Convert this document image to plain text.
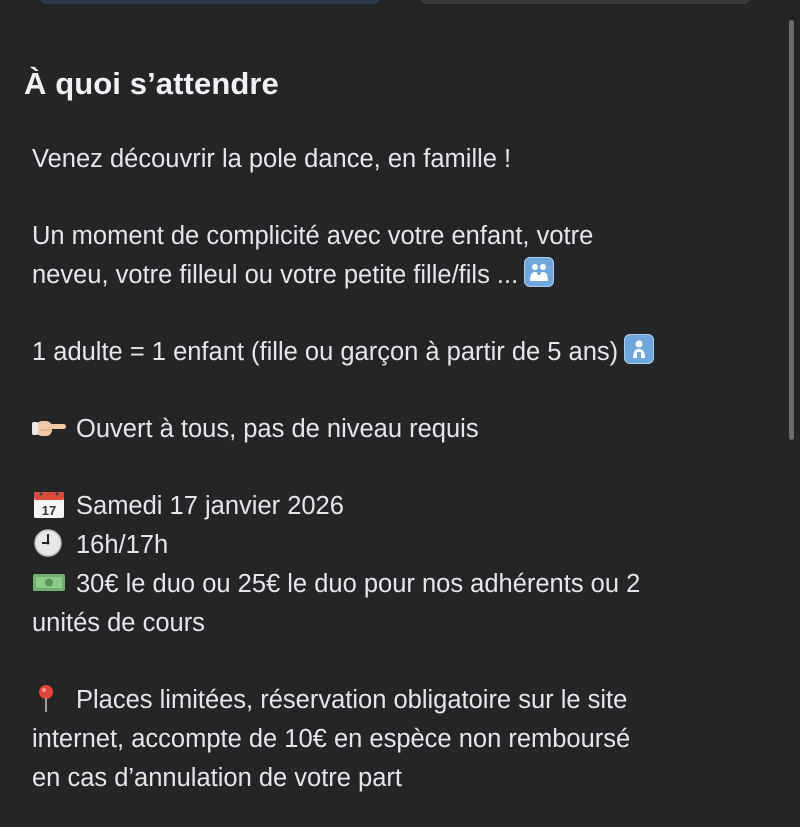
À quoi s’attendre
Venez découvrir la pole dance, en famille !
Un moment de complicité avec votre enfant, votre
neveu, votre filleul ou votre petite fille/fils ...
1 adulte = 1 enfant (fille ou garçon à partir de 5 ans)
Ouvert à tous, pas de niveau requis
17 Samedi 17 janvier 2026
16h/17h
30€ le duo ou 25€ le duo pour nos adhérents ou 2
unités de cours
Places limitées, réservation obligatoire sur le site
internet, accompte de 10€ en espèce non remboursé
en cas d’annulation de votre part
